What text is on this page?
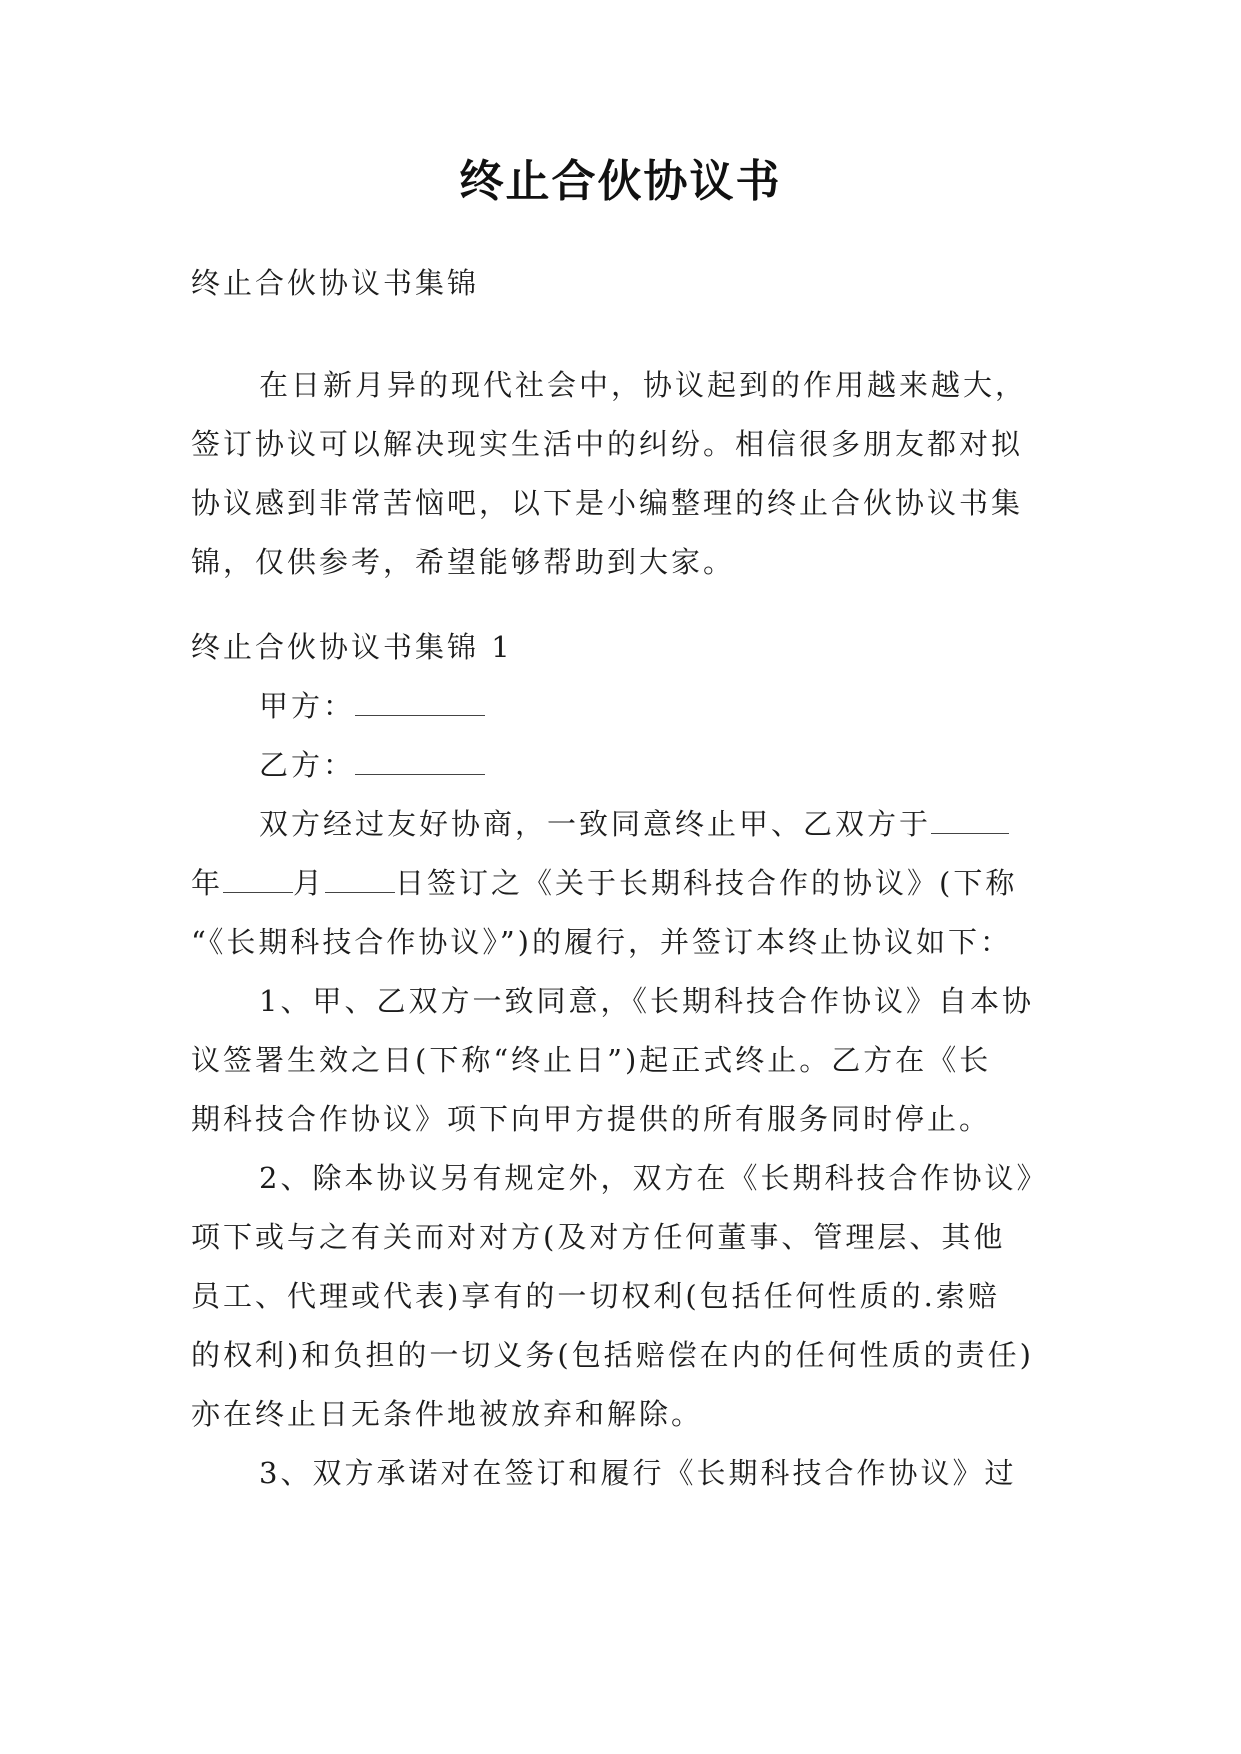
终止合伙协议书
终止合伙协议书集锦
在日新月异的现代社会中，协议起到的作用越来越大，
签订协议可以解决现实生活中的纠纷。相信很多朋友都对拟
协议感到非常苦恼吧，以下是小编整理的终止合伙协议书集
锦，仅供参考，希望能够帮助到大家。
终止合伙协议书集锦 1
甲方：
乙方：
双方经过友好协商，一致同意终止甲、乙双方于
年 月 日签订之《关于长期科技合作的协议》(下称
“《长期科技合作协议》”)的履行，并签订本终止协议如下：
1、甲、乙双方一致同意，《长期科技合作协议》自本协
议签署生效之日(下称“终止日”)起正式终止。乙方在《长
期科技合作协议》项下向甲方提供的所有服务同时停止。
2、除本协议另有规定外，双方在《长期科技合作协议》
项下或与之有关而对对方(及对方任何董事、管理层、其他
员工、代理或代表)享有的一切权利(包括任何性质的.索赔
的权利)和负担的一切义务(包括赔偿在内的任何性质的责任)
亦在终止日无条件地被放弃和解除。
3、双方承诺对在签订和履行《长期科技合作协议》过
